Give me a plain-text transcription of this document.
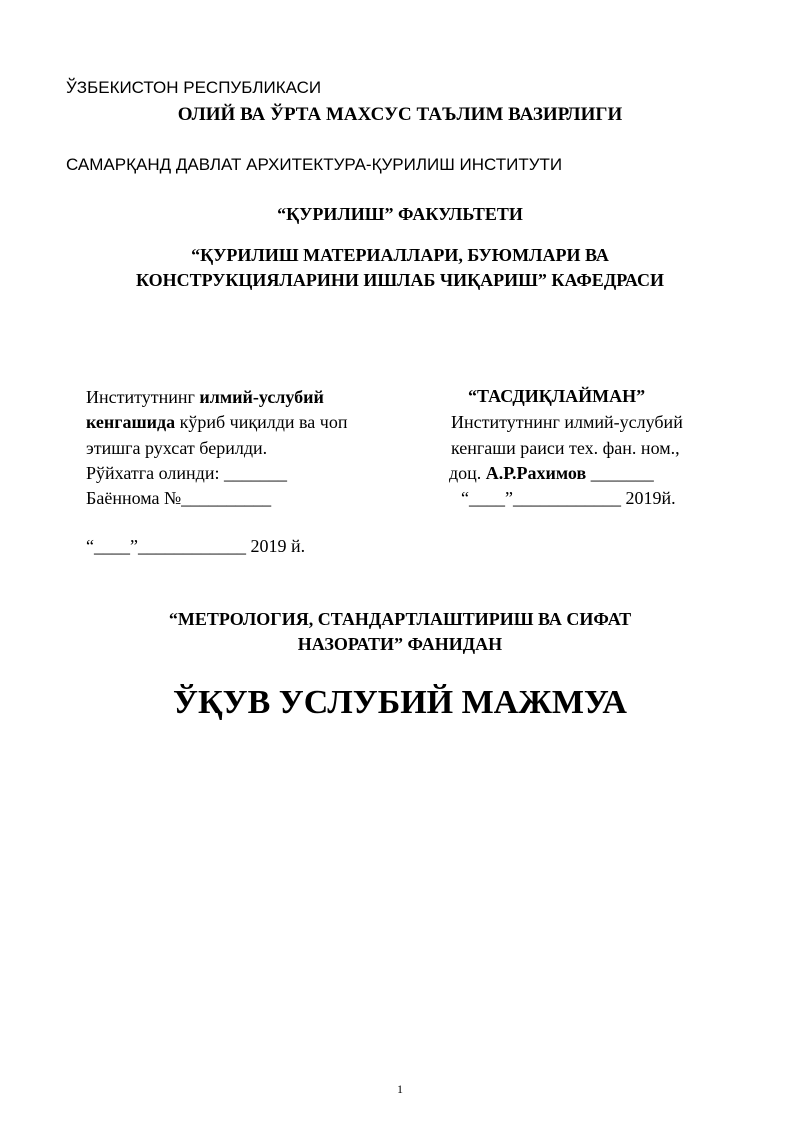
ЎЗБЕКИСТОН РЕСПУБЛИКАСИ
ОЛИЙ ВА ЎРТА МАХСУС ТАЪЛИМ ВАЗИРЛИГИ
САМАРҚАНД ДАВЛАТ АРХИТЕКТУРА-ҚУРИЛИШ ИНСТИТУТИ
“ҚУРИЛИШ” ФАКУЛЬТЕТИ
“ҚУРИЛИШ МАТЕРИАЛЛАРИ, БУЮМЛАРИ ВА
КОНСТРУКЦИЯЛАРИНИ ИШЛАБ ЧИҚАРИШ” КАФЕДРАСИ
Институтнинг илмий-услубий
кенгашида кўриб чиқилди ва чоп
этишга рухсат берилди.
Рўйхатга олинди: _______
Баённома №__________
“____”____________ 2019 й.
“ТАСДИҚЛАЙМАН”
Институтнинг илмий-услубий
кенгаши раиси тех. фан. ном.,
доц. А.Р.Рахимов _______
“____”____________ 2019й.
“МЕТРОЛОГИЯ, СТАНДАРТЛАШТИРИШ ВА СИФАТ
НАЗОРАТИ” ФАНИДАН
ЎҚУВ УСЛУБИЙ МАЖМУА
1
